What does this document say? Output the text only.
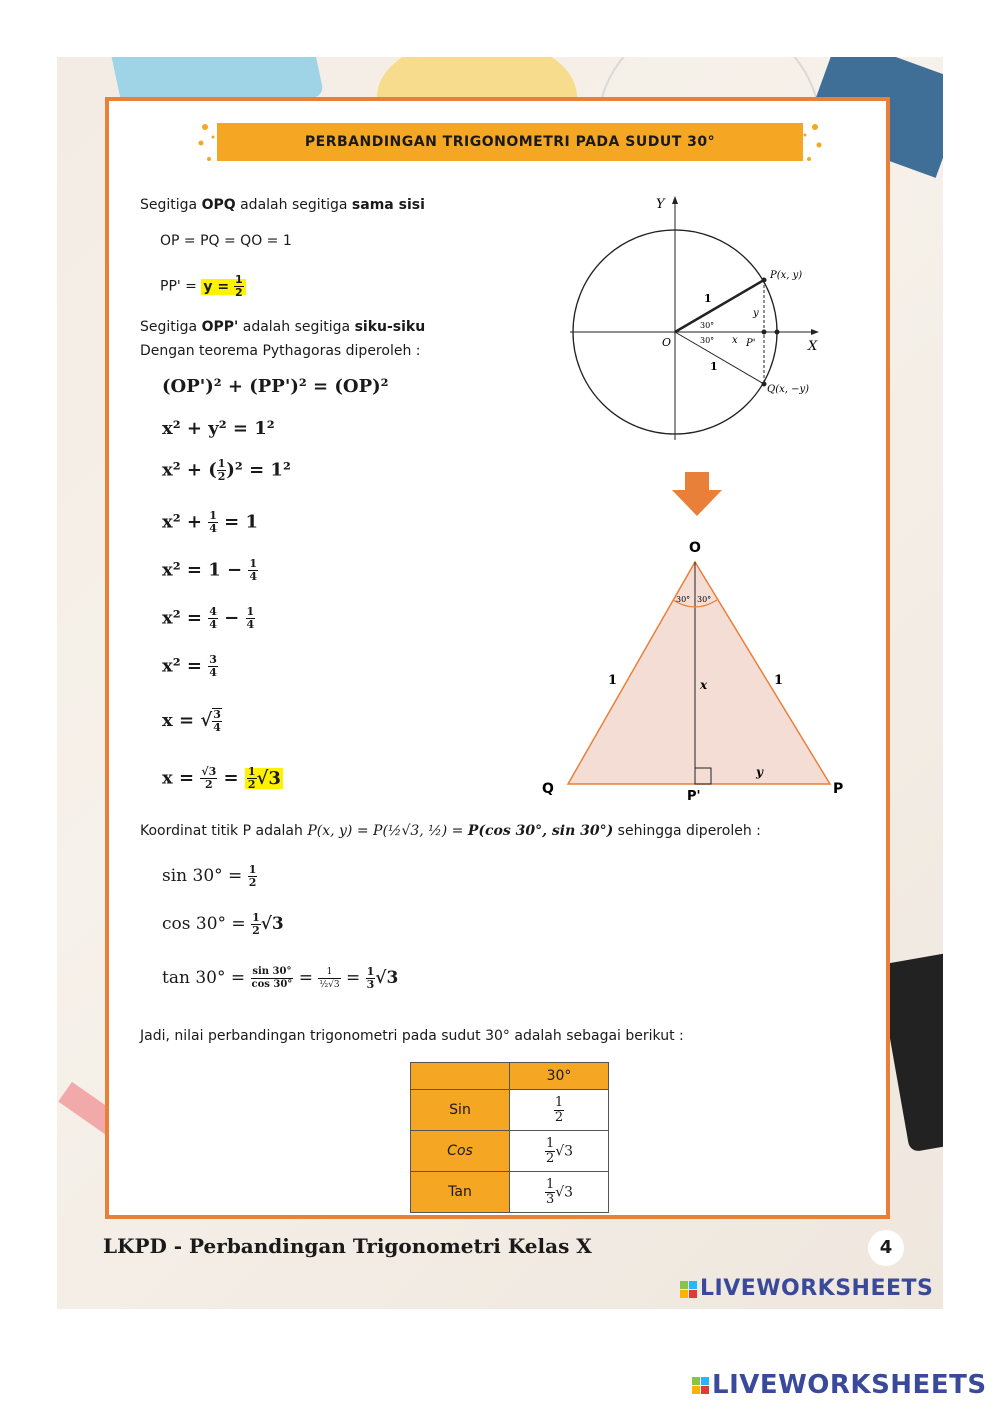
PERBANDINGAN TRIGONOMETRI PADA SUDUT 30°
Segitiga OPQ adalah segitiga sama sisi
OP = PQ = QO = 1
$PP' = y = \frac{1}{2}$
Segitiga OPP' adalah segitiga siku-siku
Dengan teorema Pythagoras diperoleh :
(OP')² + (PP')² = (OP)²
x² + y² = 1²
x² + ( $\frac{1}{2} )^2 = 1^2$
$x^2 + \frac{1}{4} = 1$
$x^2 = 1 - \frac{1}{4}$
$x^2 = \frac{4}{4} - \frac{1}{4}$
$x^2 = \frac{3}{4}$
x = √ $\frac{3}{4}$
$x = \frac{√3}{2} = \frac{1}{2} √3$
Y
X
O
P(x, y)
Q(x, −y)
P'
1
1
y
x
30°
30°
O
Q	P
P'
1	1
x
y
30° 30°
Koordinat titik P adalah P(x, y) = P(½√3, ½) = P(cos 30°, sin 30°) sehingga diperoleh :
$\sin 30^\circ = \frac{1}{2}$
$\cos 30^\circ = \frac{1}{2} √3$
$\tan 30^\circ = \frac{\sin 30^\circ}{\cos 30^\circ} = \frac{1}{\text{½√3}} = \frac{1}{3} √3$
Jadi, nilai perbandingan trigonometri pada sudut 30° adalah sebagai berikut :
	30°
Sin	$\frac{1}{2}$

Cos	$\frac{1}{2} √3$
Tan	$\frac{1}{3} √3$
LKPD - Perbandingan Trigonometri Kelas X	4
LIVEWORKSHEETS
LIVEWORKSHEETS
